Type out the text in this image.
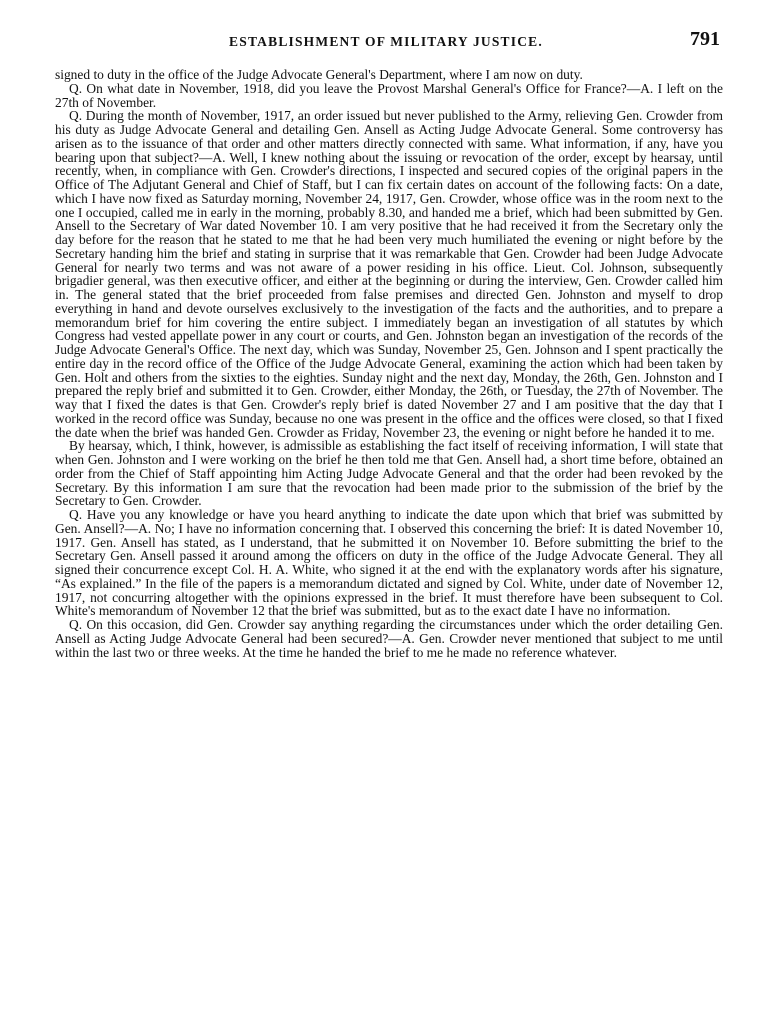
ESTABLISHMENT OF MILITARY JUSTICE.	791

signed to duty in the office of the Judge Advocate General's Department, where I am now on duty.

Q. On what date in November, 1918, did you leave the Provost Marshal General's Office for France?—A. I left on the 27th of November.

Q. During the month of November, 1917, an order issued but never published to the Army, relieving Gen. Crowder from his duty as Judge Advocate General and detailing Gen. Ansell as Acting Judge Advocate General. Some controversy has arisen as to the issuance of that order and other matters directly connected with same. What information, if any, have you bearing upon that subject?—A. Well, I knew nothing about the issuing or revocation of the order, except by hearsay, until recently, when, in compliance with Gen. Crowder's directions, I inspected and secured copies of the original papers in the Office of The Adjutant General and Chief of Staff, but I can fix certain dates on account of the following facts: On a date, which I have now fixed as Saturday morning, November 24, 1917, Gen. Crowder, whose office was in the room next to the one I occupied, called me in early in the morning, probably 8.30, and handed me a brief, which had been submitted by Gen. Ansell to the Secretary of War dated November 10. I am very positive that he had received it from the Secretary only the day before for the reason that he stated to me that he had been very much humiliated the evening or night before by the Secretary handing him the brief and stating in surprise that it was remarkable that Gen. Crowder had been Judge Advocate General for nearly two terms and was not aware of a power residing in his office. Lieut. Col. Johnson, subsequently brigadier general, was then executive officer, and either at the beginning or during the interview, Gen. Crowder called him in. The general stated that the brief proceeded from false premises and directed Gen. Johnston and myself to drop everything in hand and devote ourselves exclusively to the investigation of the facts and the authorities, and to prepare a memorandum brief for him covering the entire subject. I immediately began an investigation of all statutes by which Congress had vested appellate power in any court or courts, and Gen. Johnston began an investigation of the records of the Judge Advocate General's Office. The next day, which was Sunday, November 25, Gen. Johnson and I spent practically the entire day in the record office of the Office of the Judge Advocate General, examining the action which had been taken by Gen. Holt and others from the sixties to the eighties. Sunday night and the next day, Monday, the 26th, Gen. Johnston and I prepared the reply brief and submitted it to Gen. Crowder, either Monday, the 26th, or Tuesday, the 27th of November. The way that I fixed the dates is that Gen. Crowder's reply brief is dated November 27 and I am positive that the day that I worked in the record office was Sunday, because no one was present in the office and the offices were closed, so that I fixed the date when the brief was handed Gen. Crowder as Friday, November 23, the evening or night before he handed it to me.

By hearsay, which, I think, however, is admissible as establishing the fact itself of receiving information, I will state that when Gen. Johnston and I were working on the brief he then told me that Gen. Ansell had, a short time before, obtained an order from the Chief of Staff appointing him Acting Judge Advocate General and that the order had been revoked by the Secretary. By this information I am sure that the revocation had been made prior to the submission of the brief by the Secretary to Gen. Crowder.

Q. Have you any knowledge or have you heard anything to indicate the date upon which that brief was submitted by Gen. Ansell?—A. No; I have no information concerning that. I observed this concerning the brief: It is dated November 10, 1917. Gen. Ansell has stated, as I understand, that he submitted it on November 10. Before submitting the brief to the Secretary Gen. Ansell passed it around among the officers on duty in the office of the Judge Advocate General. They all signed their concurrence except Col. H. A. White, who signed it at the end with the explanatory words after his signature, “As explained.” In the file of the papers is a memorandum dictated and signed by Col. White, under date of November 12, 1917, not concurring altogether with the opinions expressed in the brief. It must therefore have been subsequent to Col. White's memorandum of November 12 that the brief was submitted, but as to the exact date I have no information.

Q. On this occasion, did Gen. Crowder say anything regarding the circumstances under which the order detailing Gen. Ansell as Acting Judge Advocate General had been secured?—A. Gen. Crowder never mentioned that subject to me until within the last two or three weeks. At the time he handed the brief to me he made no reference whatever.
